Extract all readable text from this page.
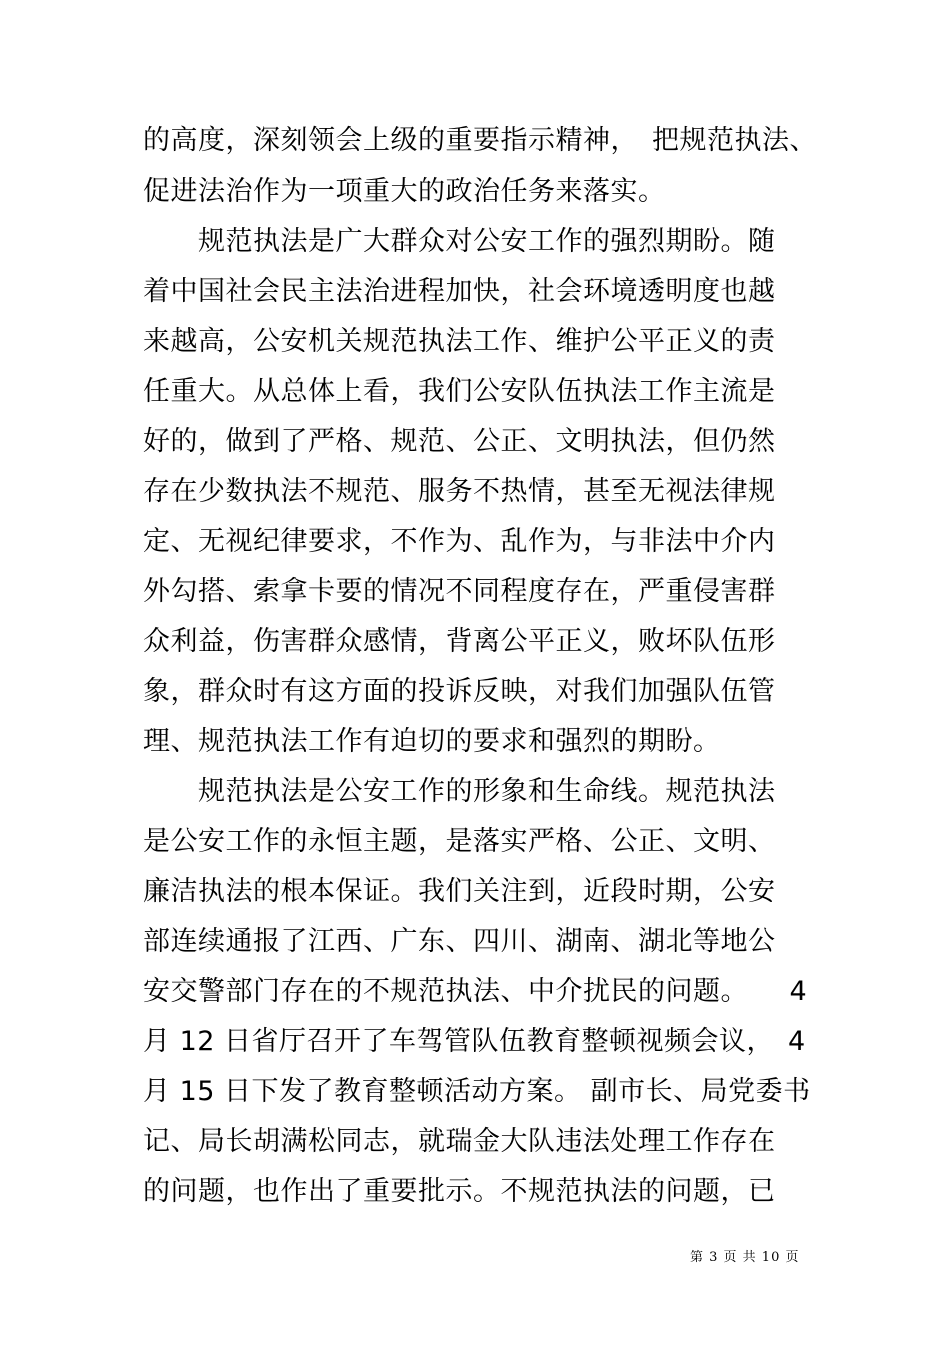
的高度，深刻领会上级的重要指示精神，　把规范执法、
促进法治作为一项重大的政治任务来落实。
　　规范执法是广大群众对公安工作的强烈期盼。随
着中国社会民主法治进程加快，社会环境透明度也越
来越高，公安机关规范执法工作、维护公平正义的责
任重大。从总体上看，我们公安队伍执法工作主流是
好的，做到了严格、规范、公正、文明执法，但仍然
存在少数执法不规范、服务不热情，甚至无视法律规
定、无视纪律要求，不作为、乱作为，与非法中介内
外勾搭、索拿卡要的情况不同程度存在，严重侵害群
众利益，伤害群众感情，背离公平正义，败坏队伍形
象，群众时有这方面的投诉反映，对我们加强队伍管
理、规范执法工作有迫切的要求和强烈的期盼。
　　规范执法是公安工作的形象和生命线。规范执法
是公安工作的永恒主题，是落实严格、公正、文明、
廉洁执法的根本保证。我们关注到，近段时期，公安
部连续通报了江西、广东、四川、湖南、湖北等地公
安交警部门存在的不规范执法、中介扰民的问题。　　4
月 12 日省厅召开了车驾管队伍教育整顿视频会议，　4
月 15 日下发了教育整顿活动方案。 副市长、局党委书
记、局长胡满松同志，就瑞金大队违法处理工作存在
的问题，也作出了重要批示。不规范执法的问题，已
第 3 页 共 10 页
